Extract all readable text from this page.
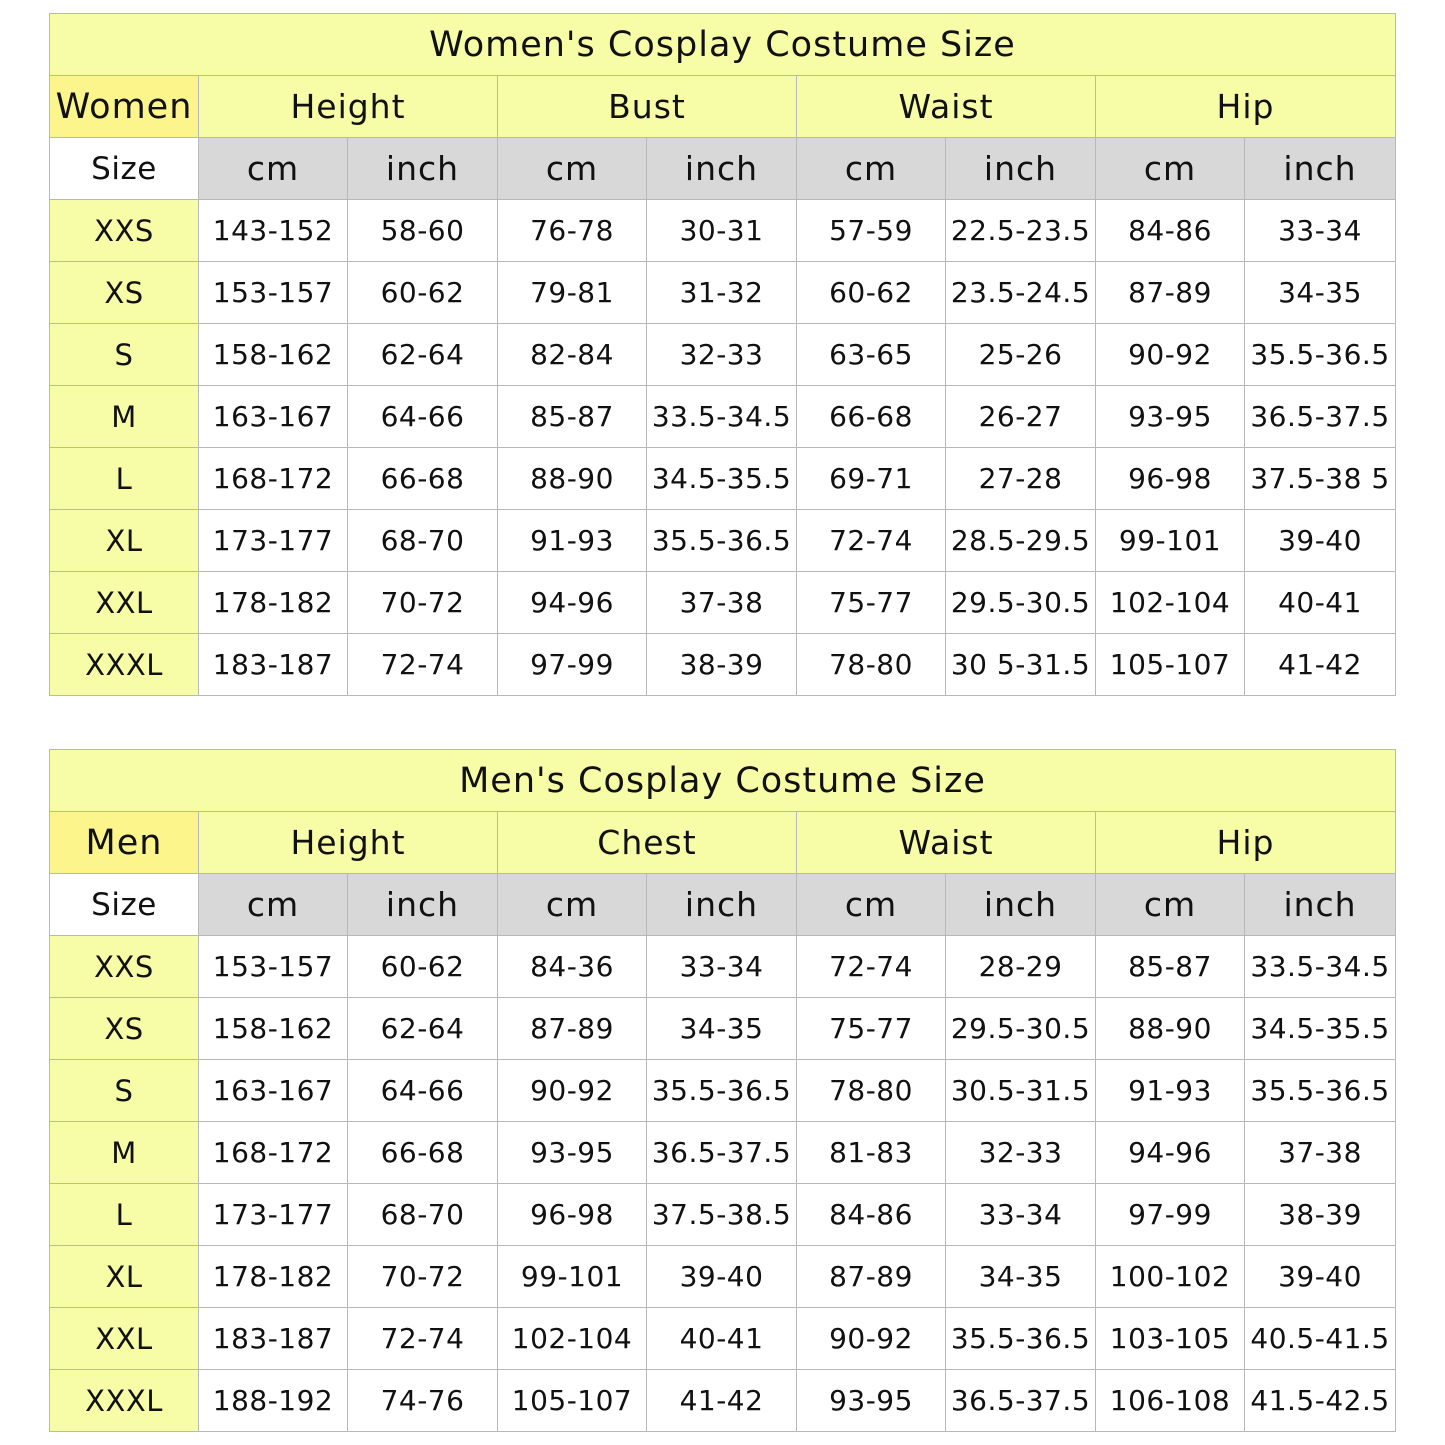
Women's Cosplay Costume Size								
Women	Height		Bust		Waist		Hip	
Size	cm	inch	cm	inch	cm	inch	cm	inch
XXS	143-152	58-60	76-78	30-31	57-59	22.5-23.5	84-86	33-34
XS	153-157	60-62	79-81	31-32	60-62	23.5-24.5	87-89	34-35
S	158-162	62-64	82-84	32-33	63-65	25-26	90-92	35.5-36.5
M	163-167	64-66	85-87	33.5-34.5	66-68	26-27	93-95	36.5-37.5
L	168-172	66-68	88-90	34.5-35.5	69-71	27-28	96-98	37.5-38 5
XL	173-177	68-70	91-93	35.5-36.5	72-74	28.5-29.5	99-101	39-40
XXL	178-182	70-72	94-96	37-38	75-77	29.5-30.5	102-104	40-41
XXXL	183-187	72-74	97-99	38-39	78-80	30 5-31.5	105-107	41-42
Men's Cosplay Costume Size								
Men	Height		Chest		Waist		Hip	
Size	cm	inch	cm	inch	cm	inch	cm	inch
XXS	153-157	60-62	84-36	33-34	72-74	28-29	85-87	33.5-34.5
XS	158-162	62-64	87-89	34-35	75-77	29.5-30.5	88-90	34.5-35.5
S	163-167	64-66	90-92	35.5-36.5	78-80	30.5-31.5	91-93	35.5-36.5
M	168-172	66-68	93-95	36.5-37.5	81-83	32-33	94-96	37-38
L	173-177	68-70	96-98	37.5-38.5	84-86	33-34	97-99	38-39
XL	178-182	70-72	99-101	39-40	87-89	34-35	100-102	39-40
XXL	183-187	72-74	102-104	40-41	90-92	35.5-36.5	103-105	40.5-41.5
XXXL	188-192	74-76	105-107	41-42	93-95	36.5-37.5	106-108	41.5-42.5
